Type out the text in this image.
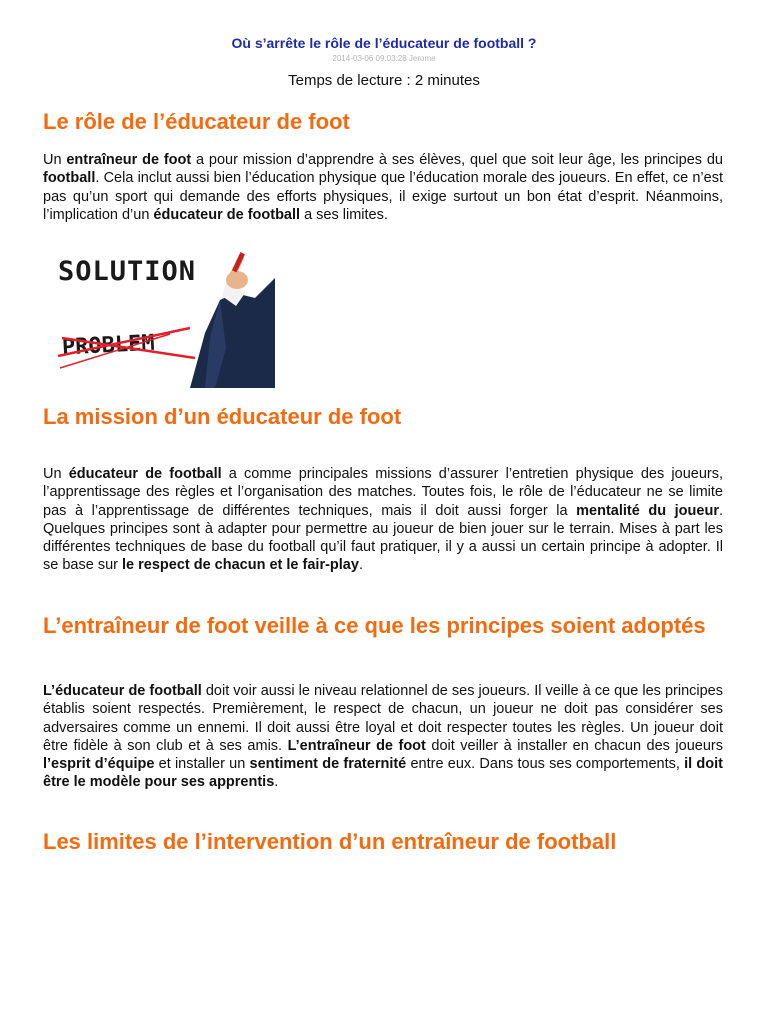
Où s’arrête le rôle de l’éducateur de football ?
2014-03-06 09:03:28 Jerome
Temps de lecture : 2 minutes
Le rôle de l’éducateur de foot

Un entraîneur de foot a pour mission d’apprendre à ses élèves, quel que soit leur âge, les principes du football. Cela inclut aussi bien l’éducation physique que l’éducation morale des joueurs. En effet, ce n’est pas qu’un sport qui demande des efforts physiques, il exige surtout un bon état d’esprit. Néanmoins, l’implication d’un éducateur de football a ses limites.

SOLUTION
PROBLEM
La mission d’un éducateur de foot

Un éducateur de football a comme principales missions d’assurer l’entretien physique des joueurs, l’apprentissage des règles et l’organisation des matches. Toutes fois, le rôle de l’éducateur ne se limite pas à l’apprentissage de différentes techniques, mais il doit aussi forger la mentalité du joueur. Quelques principes sont à adapter pour permettre au joueur de bien jouer sur le terrain. Mises à part les différentes techniques de base du football qu’il faut pratiquer, il y a aussi un certain principe à adopter. Il se base sur le respect de chacun et le fair-play.

L’entraîneur de foot veille à ce que les principes soient adoptés

L’éducateur de football doit voir aussi le niveau relationnel de ses joueurs. Il veille à ce que les principes établis soient respectés. Premièrement, le respect de chacun, un joueur ne doit pas considérer ses adversaires comme un ennemi. Il doit aussi être loyal et doit respecter toutes les règles. Un joueur doit être fidèle à son club et à ses amis. L’entraîneur de foot doit veiller à installer en chacun des joueurs l’esprit d’équipe et installer un sentiment de fraternité entre eux. Dans tous ses comportements, il doit être le modèle pour ses apprentis.

Les limites de l’intervention d’un entraîneur de football
